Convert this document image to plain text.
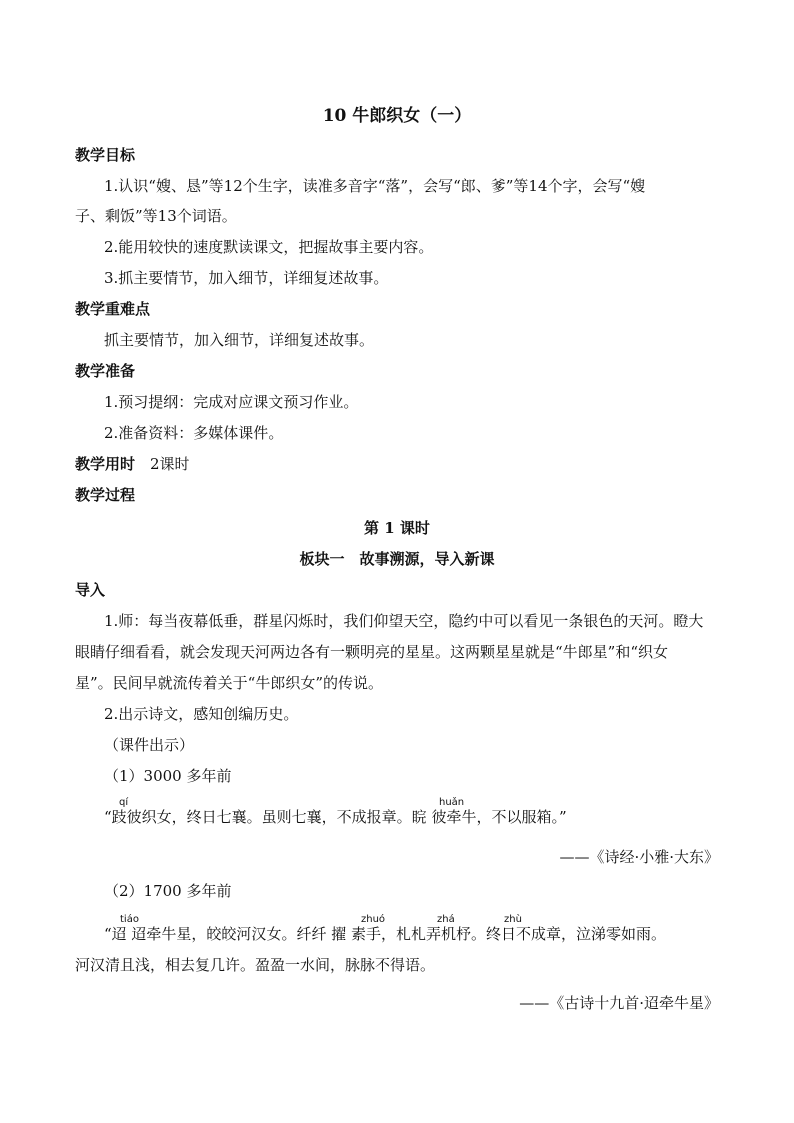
10 牛郎织女（一）
教学目标
1.认识“嫂、恳”等12个生字，读准多音字“落”，会写“郎、爹”等14个字，会写“嫂
子、剩饭”等13个词语。
2.能用较快的速度默读课文，把握故事主要内容。
3.抓主要情节，加入细节，详细复述故事。
教学重难点
抓主要情节，加入细节，详细复述故事。
教学准备
1.预习提纲：完成对应课文预习作业。
2.准备资料：多媒体课件。
教学用时 2课时
教学过程
第 1 课时
板块一　故事溯源，导入新课
导入
1.师：每当夜幕低垂，群星闪烁时，我们仰望天空，隐约中可以看见一条银色的天河。瞪大
眼睛仔细看看，就会发现天河两边各有一颗明亮的星星。这两颗星星就是“牛郎星”和“织女
星”。民间早就流传着关于“牛郎织女”的传说。
2.出示诗文，感知创编历史。
（课件出示）
（1）3000 多年前
qí	huǎn
“跂彼织女，终日七襄。虽则七襄，不成报章。睆 彼牵牛，不以服箱。”
——《诗经·小雅·大东》
（2）1700 多年前
tiáo	zhuó	zhá	zhù
“迢 迢牵牛星，皎皎河汉女。纤纤 擢 素手，札札弄机杼。终日不成章，泣涕零如雨。
河汉清且浅，相去复几许。盈盈一水间，脉脉不得语。
——《古诗十九首·迢牵牛星》
